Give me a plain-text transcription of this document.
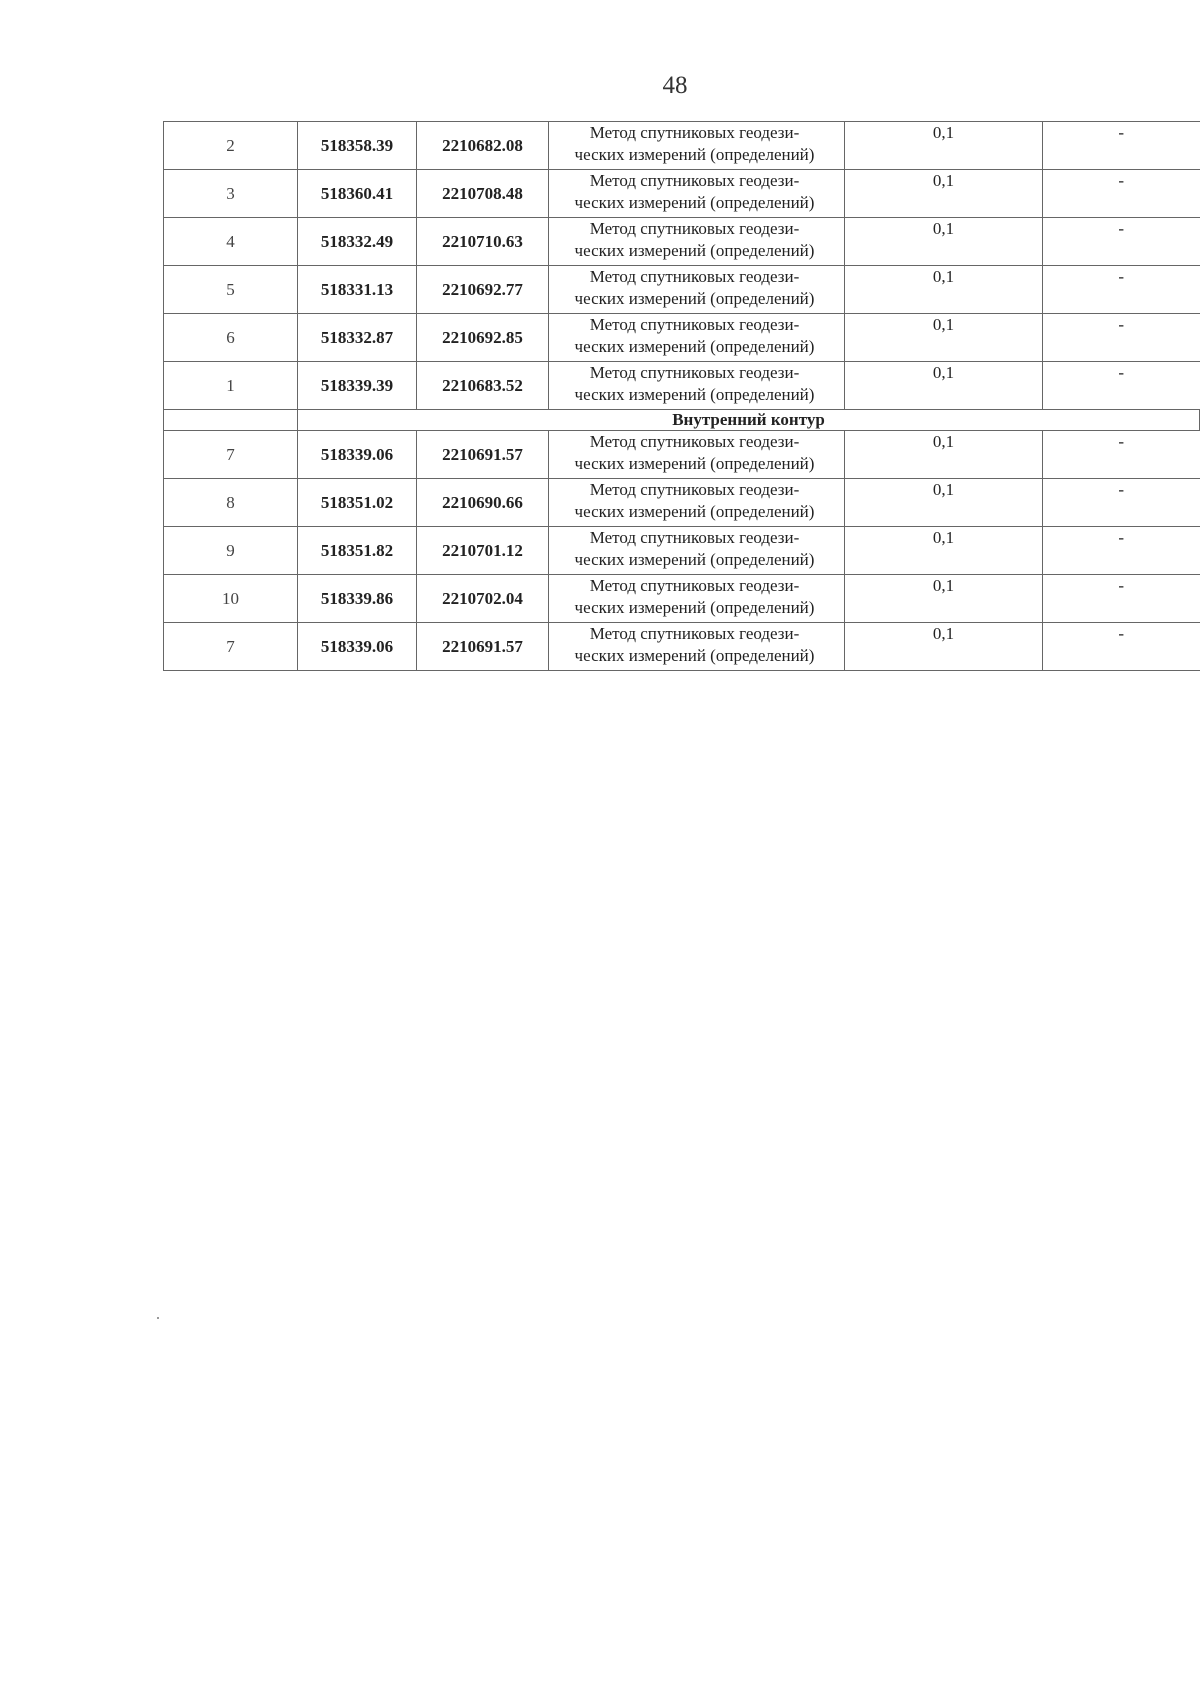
48
2	518358.39	2210682.08	Метод спутниковых геодези-
ческих измерений (определений)	0,1	-

3	518360.41	2210708.48	Метод спутниковых геодези-
ческих измерений (определений)	0,1	-

4	518332.49	2210710.63	Метод спутниковых геодези-
ческих измерений (определений)	0,1	-

5	518331.13	2210692.77	Метод спутниковых геодези-
ческих измерений (определений)	0,1	-

6	518332.87	2210692.85	Метод спутниковых геодези-
ческих измерений (определений)	0,1	-

1	518339.39	2210683.52	Метод спутниковых геодези-
ческих измерений (определений)	0,1	-

	Внутренний контур				
7	518339.06	2210691.57	Метод спутниковых геодези-
ческих измерений (определений)	0,1	-

8	518351.02	2210690.66	Метод спутниковых геодези-
ческих измерений (определений)	0,1	-

9	518351.82	2210701.12	Метод спутниковых геодези-
ческих измерений (определений)	0,1	-

10	518339.86	2210702.04	Метод спутниковых геодези-
ческих измерений (определений)	0,1	-

7	518339.06	2210691.57	Метод спутниковых геодези-
ческих измерений (определений)	0,1	-
